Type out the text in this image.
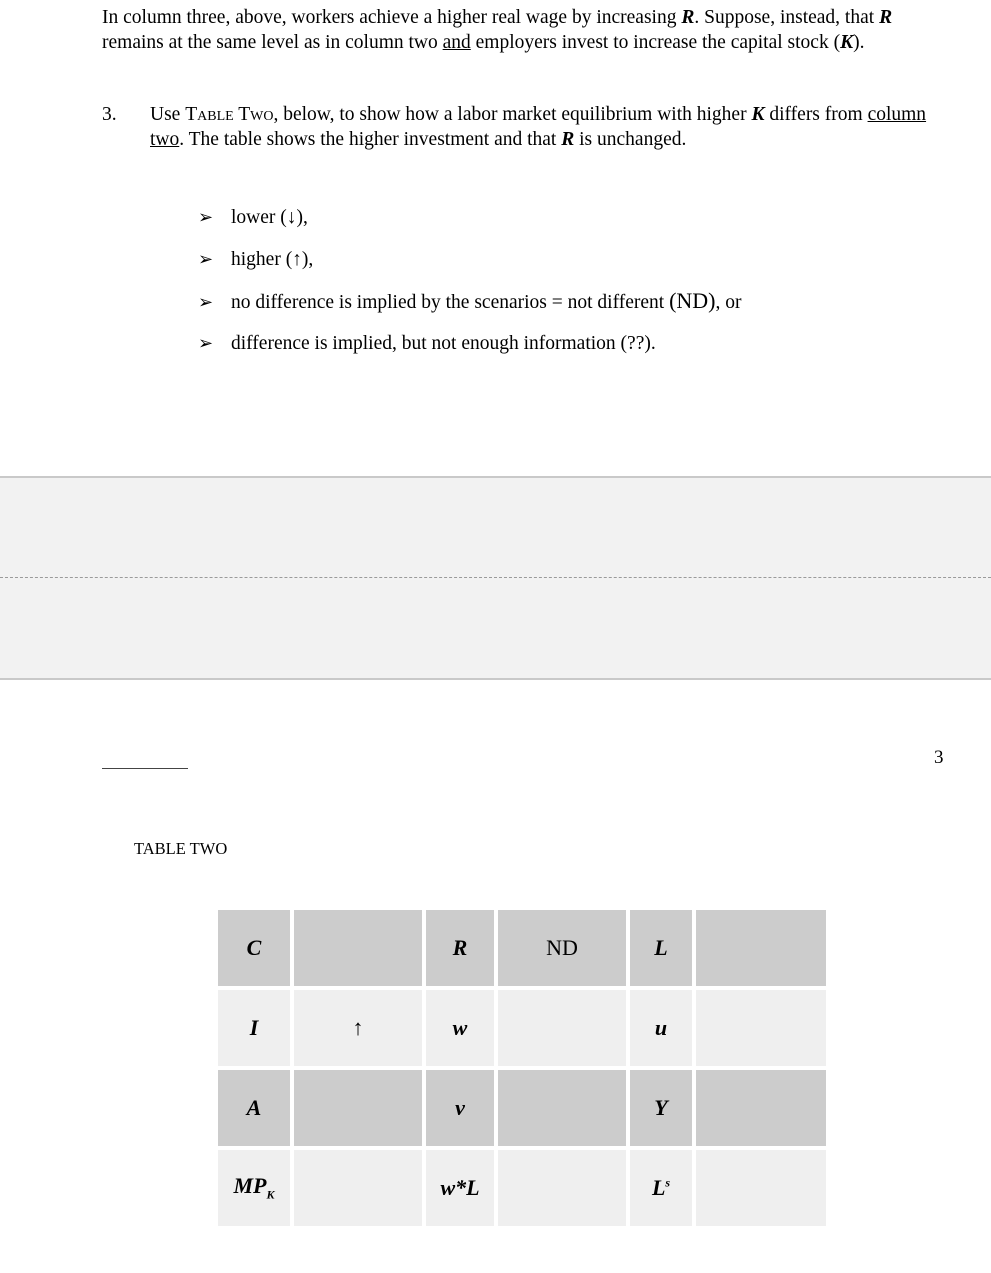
In column three, above, workers achieve a higher real wage by increasing R. Suppose, instead, that R remains at the same level as in column two and employers invest to increase the capital stock (K).
3. Use Table Two, below, to show how a labor market equilibrium with higher K differs from column two. The table shows the higher investment and that R is unchanged.
➢ lower (↓),
➢ higher (↑),
➢ no difference is implied by the scenarios = not different (ND), or
➢ difference is implied, but not enough information (??).
3
TABLE TWO
C		R	ND	L	
I	↑	w		u	
A		v		Y	
$MP_K$		w*L		$L^s$	
